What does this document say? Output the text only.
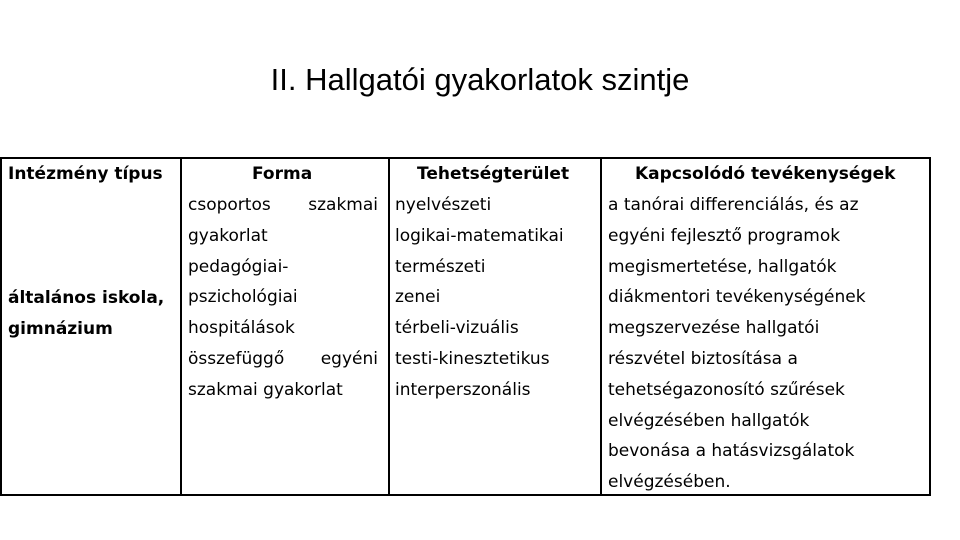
II. Hallgatói gyakorlatok szintje
Intézmény típus
általános iskola,
gimnázium
Forma
csoportos szakmai
gyakorlat
pedagógiai-
pszichológiai
hospitálások
összefüggő egyéni
szakmai gyakorlat
Tehetségterület
nyelvészeti
logikai-matematikai
természeti
zenei
térbeli-vizuális
testi-kinesztetikus
interperszonális
Kapcsolódó tevékenységek
a tanórai differenciálás, és az
egyéni fejlesztő programok
megismertetése, hallgatók
diákmentori tevékenységének
megszervezése hallgatói
részvétel biztosítása a
tehetségazonosító szűrések
elvégzésében hallgatók
bevonása a hatásvizsgálatok
elvégzésében.
